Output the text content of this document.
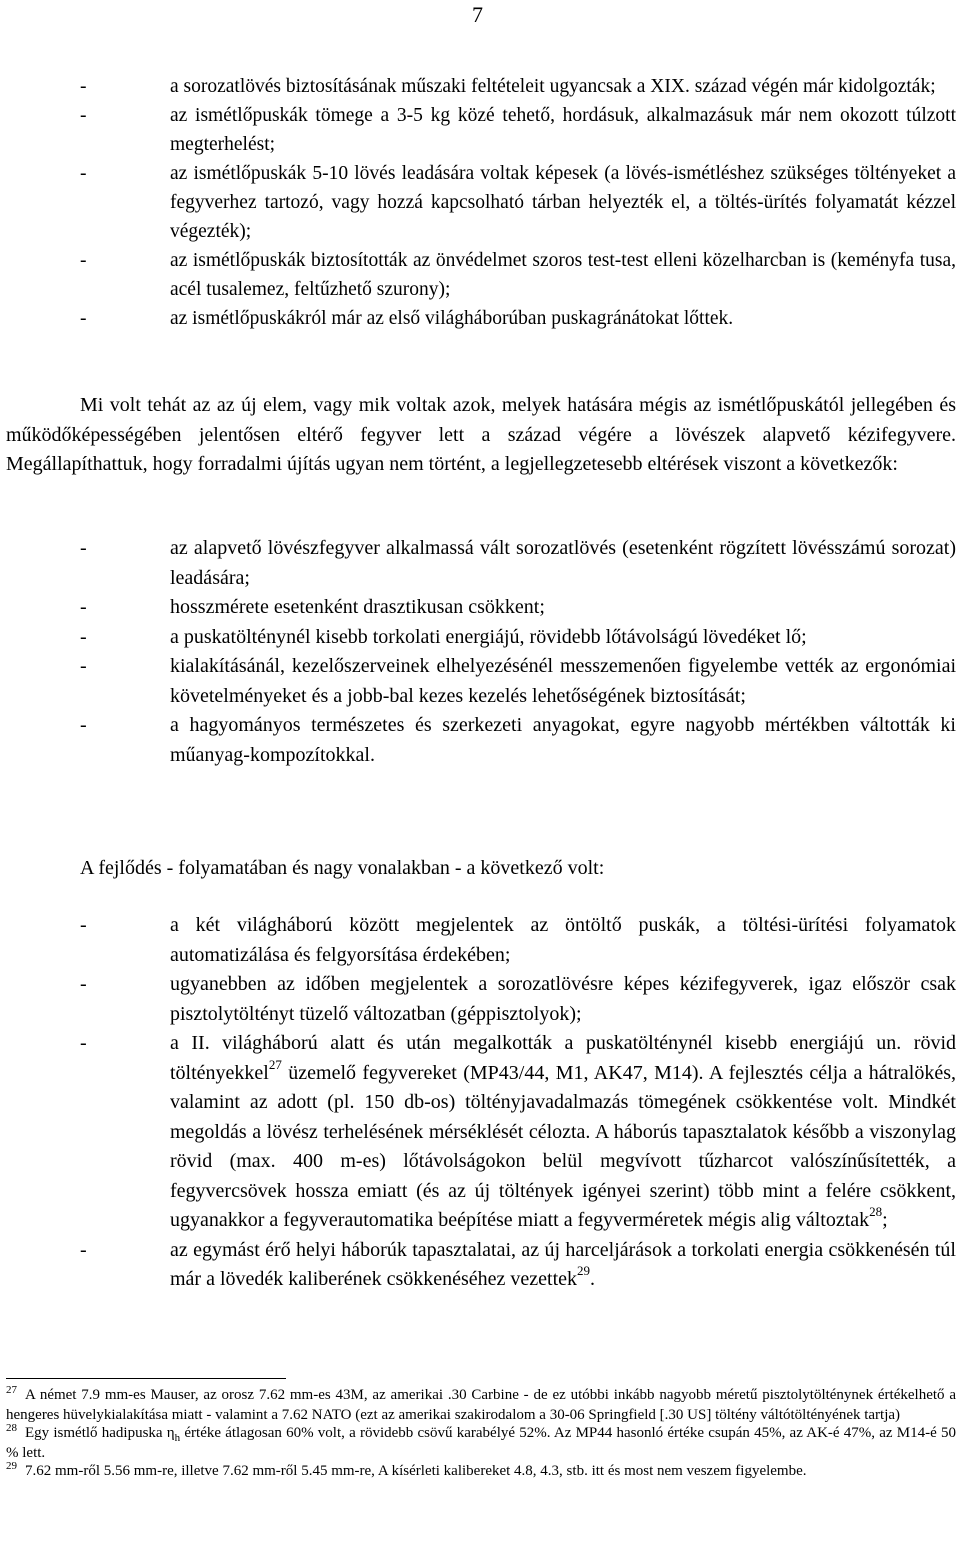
7
-	a sorozatlövés biztosításának műszaki feltételeit ugyancsak a XIX. század végén már kidolgozták;
-	az ismétlőpuskák tömege a 3-5 kg közé tehető, hordásuk, alkalmazásuk már nem okozott túlzott megterhelést;
-	az ismétlőpuskák 5-10 lövés leadására voltak képesek (a lövés-ismétléshez szükséges töltényeket a fegyverhez tartozó, vagy hozzá kapcsolható tárban helyezték el, a töltés-ürítés folyamatát kézzel végezték);
-	az ismétlőpuskák biztosították az önvédelmet szoros test-test elleni közelharcban is (keményfa tusa, acél tusalemez, feltűzhető szurony);
-	az ismétlőpuskákról már az első világháborúban puskagránátokat lőttek.

Mi volt tehát az az új elem, vagy mik voltak azok, melyek hatására mégis az ismétlőpuskától jellegében és működőképességében jelentősen eltérő fegyver lett a század végére a lövészek alapvető kézifegyvere. Megállapíthattuk, hogy forradalmi újítás ugyan nem történt, a legjellegzetesebb eltérések viszont a következők:

-	az alapvető lövészfegyver alkalmassá vált sorozatlövés (esetenként rögzített lövésszámú sorozat) leadására;
-	hosszmérete esetenként drasztikusan csökkent;
-	a puskatölténynél kisebb torkolati energiájú, rövidebb lőtávolságú lövedéket lő;
-	kialakításánál, kezelőszerveinek elhelyezésénél messzemenően figyelembe vették az ergonómiai követelményeket és a jobb-bal kezes kezelés lehetőségének biztosítását;
-	a hagyományos természetes és szerkezeti anyagokat, egyre nagyobb mértékben váltották ki műanyag-kompozítokkal.

A fejlődés - folyamatában és nagy vonalakban - a következő volt:

-	a két világháború között megjelentek az öntöltő puskák, a töltési-ürítési folyamatok automatizálása és felgyorsítása érdekében;
-	ugyanebben az időben megjelentek a sorozatlövésre képes kézifegyverek, igaz először csak pisztolytöltényt tüzelő változatban (géppisztolyok);
-	a II. világháború alatt és után megalkották a puskatölténynél kisebb energiájú un. rövid töltényekkel$^{27}$ üzemelő fegyvereket (MP43/44, M1, AK47, M14). A fejlesztés célja a hátralökés, valamint az adott (pl. 150 db-os) töltényjavadalmazás tömegének csökkentése volt. Mindkét megoldás a lövész terhelésének mérséklését célozta. A háborús tapasztalatok később a viszonylag rövid (max. 400 m-es) lőtávolságokon belül megvívott tűzharcot valószínűsítették, a fegyvercsövek hossza emiatt (és az új töltények igényei szerint) több mint a felére csökkent, ugyanakkor a fegyverautomatika beépítése miatt a fegyverméretek mégis alig változtak$^{28}$;
-	az egymást érő helyi háborúk tapasztalatai, az új harceljárások a torkolati energia csökkenésén túl már a lövedék kaliberének csökkenéséhez vezettek$^{29}$.

$^{27}$ A német 7.9 mm-es Mauser, az orosz 7.62 mm-es 43M, az amerikai .30 Carbine - de ez utóbbi inkább nagyobb méretű pisztolytölténynek értékelhető a hengeres hüvelykialakítása miatt - valamint a 7.62 NATO (ezt az amerikai szakirodalom a 30-06 Springfield [.30 US] töltény váltótöltényének tartja)

$^{28}$ Egy ismétlő hadipuska $\eta_h$ értéke átlagosan 60% volt, a rövidebb csövű karabélyé 52%. Az MP44 hasonló értéke csupán 45%, az AK-é 47%, az M14-é 50 % lett.

$^{29}$ 7.62 mm-ről 5.56 mm-re, illetve 7.62 mm-ről 5.45 mm-re, A kísérleti kalibereket 4.8, 4.3, stb. itt és most nem veszem figyelembe.
